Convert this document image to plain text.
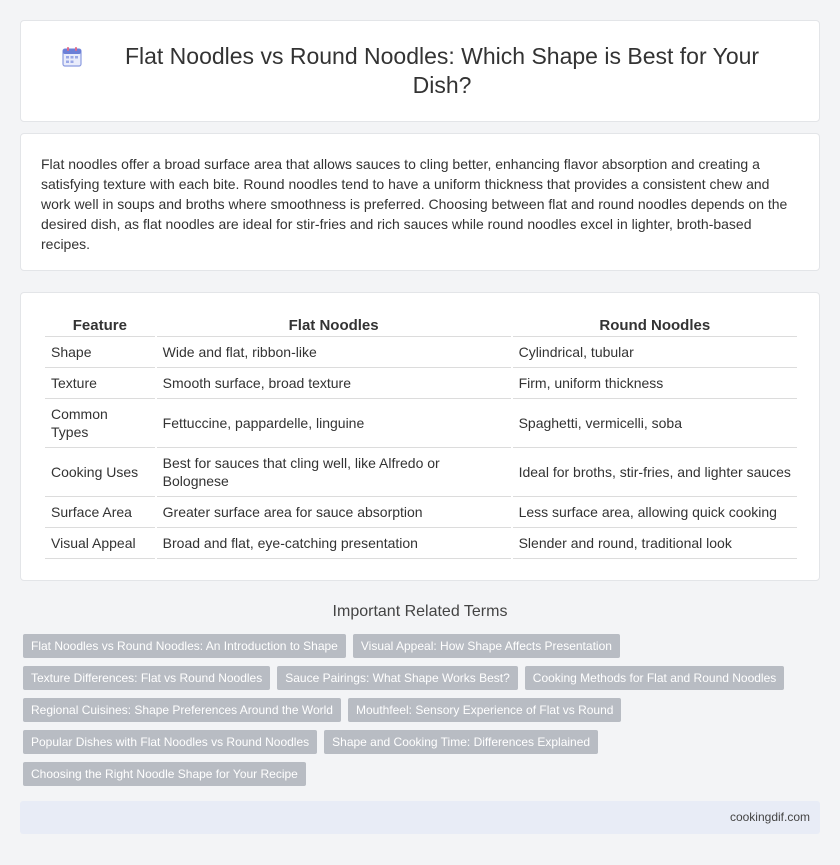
Flat Noodles vs Round Noodles: Which Shape is Best for Your Dish?

Flat noodles offer a broad surface area that allows sauces to cling better, enhancing flavor absorption and creating a satisfying texture with each bite. Round noodles tend to have a uniform thickness that provides a consistent chew and work well in soups and broths where smoothness is preferred. Choosing between flat and round noodles depends on the desired dish, as flat noodles are ideal for stir-fries and rich sauces while round noodles excel in lighter, broth-based recipes.

Feature	Flat Noodles	Round Noodles
Shape	Wide and flat, ribbon-like	Cylindrical, tubular
Texture	Smooth surface, broad texture	Firm, uniform thickness
Common Types	Fettuccine, pappardelle, linguine	Spaghetti, vermicelli, soba
Cooking Uses	Best for sauces that cling well, like Alfredo or Bolognese	Ideal for broths, stir-fries, and lighter sauces
Surface Area	Greater surface area for sauce absorption	Less surface area, allowing quick cooking
Visual Appeal	Broad and flat, eye-catching presentation	Slender and round, traditional look
Important Related Terms
Flat Noodles vs Round Noodles: An Introduction to Shape	Visual Appeal: How Shape Affects Presentation
Texture Differences: Flat vs Round Noodles	Sauce Pairings: What Shape Works Best?	Cooking Methods for Flat and Round Noodles
Regional Cuisines: Shape Preferences Around the World	Mouthfeel: Sensory Experience of Flat vs Round
Popular Dishes with Flat Noodles vs Round Noodles	Shape and Cooking Time: Differences Explained
Choosing the Right Noodle Shape for Your Recipe
cookingdif.com
